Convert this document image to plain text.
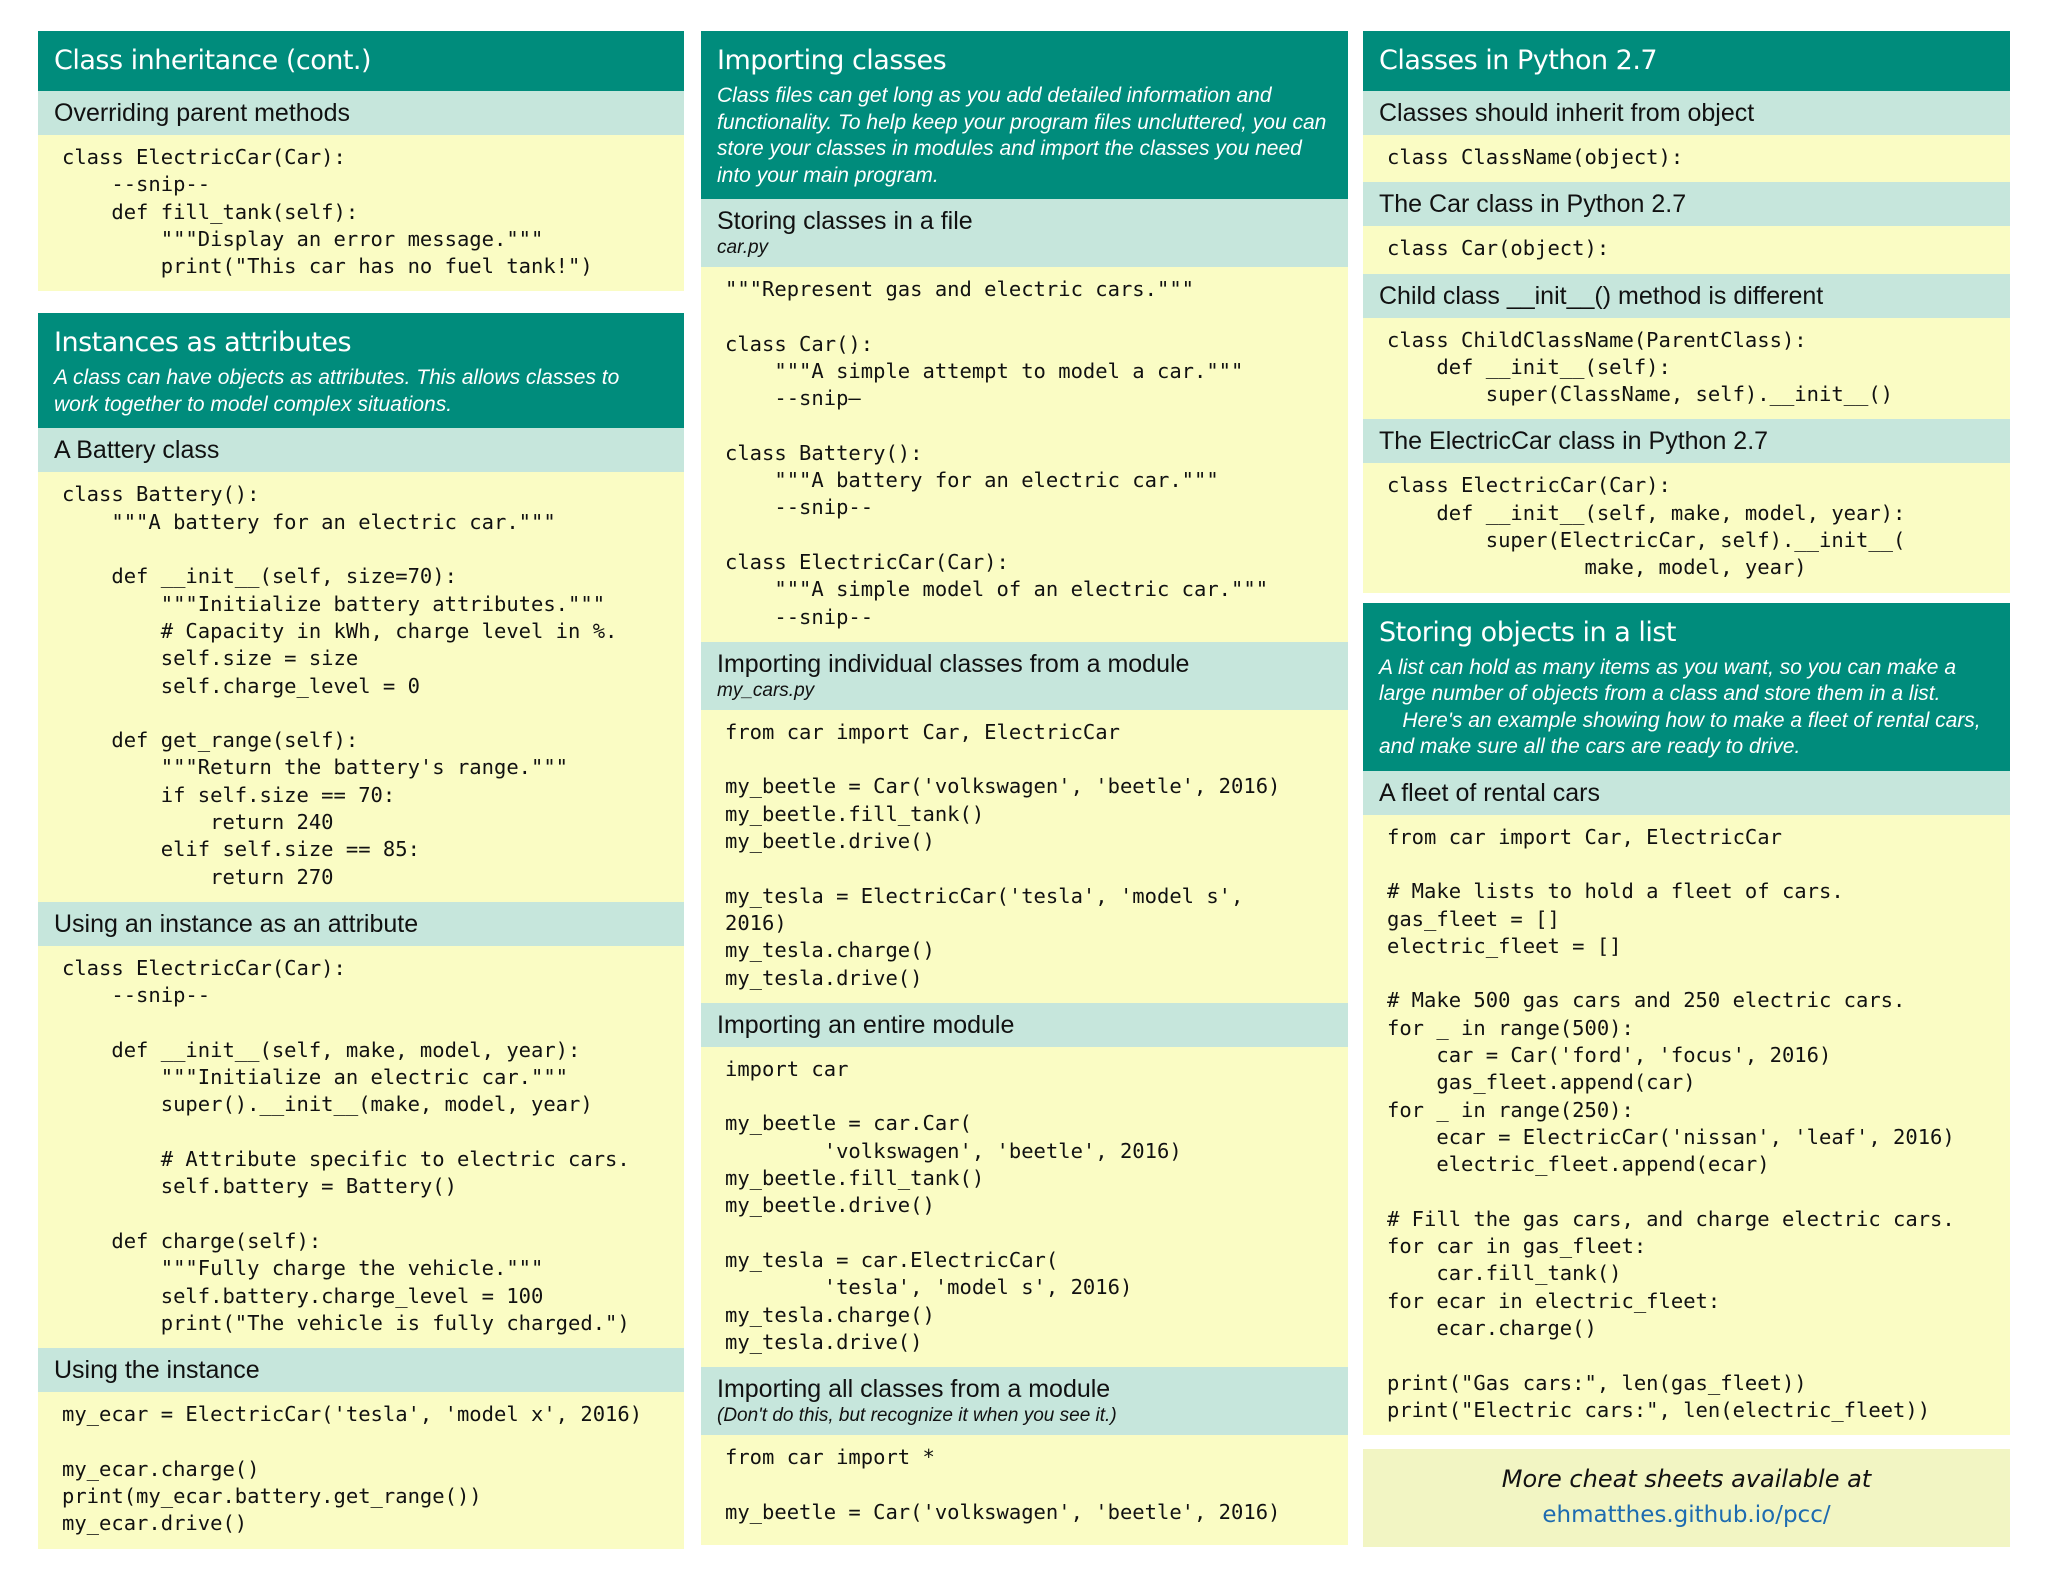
Class inheritance (cont.)
Overriding parent methods
class ElectricCar(Car):
--snip--
def fill_tank(self):
"""Display an error message."""
print("This car has no fuel tank!")
Instances as attributes
A class can have objects as attributes. This allows classes to work together to model complex situations.
A Battery class
class Battery():
"""A battery for an electric car."""

def __init__(self, size=70):
"""Initialize battery attributes."""
# Capacity in kWh, charge level in %.
self.size = size
self.charge_level = 0

def get_range(self):
"""Return the battery's range."""
if self.size == 70:
return 240
elif self.size == 85:
return 270
Using an instance as an attribute
class ElectricCar(Car):
--snip--

def __init__(self, make, model, year):
"""Initialize an electric car."""
super().__init__(make, model, year)

# Attribute specific to electric cars.
self.battery = Battery()

def charge(self):
"""Fully charge the vehicle."""
self.battery.charge_level = 100
print("The vehicle is fully charged.")
Using the instance
my_ecar = ElectricCar('tesla', 'model x', 2016)

my_ecar.charge()
print(my_ecar.battery.get_range())
my_ecar.drive()
Importing classes
Class files can get long as you add detailed information and functionality. To help keep your program files uncluttered, you can store your classes in modules and import the classes you need into your main program.
Storing classes in a file
car.py
"""Represent gas and electric cars."""

class Car():
"""A simple attempt to model a car."""
--snip—

class Battery():
"""A battery for an electric car."""
--snip--

class ElectricCar(Car):
"""A simple model of an electric car."""
--snip--
Importing individual classes from a module
my_cars.py
from car import Car, ElectricCar

my_beetle = Car('volkswagen', 'beetle', 2016)
my_beetle.fill_tank()
my_beetle.drive()

my_tesla = ElectricCar('tesla', 'model s',
2016)
my_tesla.charge()
my_tesla.drive()
Importing an entire module
import car

my_beetle = car.Car(
'volkswagen', 'beetle', 2016)
my_beetle.fill_tank()
my_beetle.drive()

my_tesla = car.ElectricCar(
'tesla', 'model s', 2016)
my_tesla.charge()
my_tesla.drive()
Importing all classes from a module
(Don't do this, but recognize it when you see it.)
from car import *

my_beetle = Car('volkswagen', 'beetle', 2016)
Classes in Python 2.7
Classes should inherit from object
class ClassName(object):
The Car class in Python 2.7
class Car(object):
Child class __init__() method is different
class ChildClassName(ParentClass):
def __init__(self):
super(ClassName, self).__init__()
The ElectricCar class in Python 2.7
class ElectricCar(Car):
def __init__(self, make, model, year):
super(ElectricCar, self).__init__(
make, model, year)
Storing objects in a list
A list can hold as many items as you want, so you can make a large number of objects from a class and store them in a list.
Here's an example showing how to make a fleet of rental cars, and make sure all the cars are ready to drive.
A fleet of rental cars
from car import Car, ElectricCar

# Make lists to hold a fleet of cars.
gas_fleet = []
electric_fleet = []

# Make 500 gas cars and 250 electric cars.
for _ in range(500):
car = Car('ford', 'focus', 2016)
gas_fleet.append(car)
for _ in range(250):
ecar = ElectricCar('nissan', 'leaf', 2016)
electric_fleet.append(ecar)

# Fill the gas cars, and charge electric cars.
for car in gas_fleet:
car.fill_tank()
for ecar in electric_fleet:
ecar.charge()

print("Gas cars:", len(gas_fleet))
print("Electric cars:", len(electric_fleet))
More cheat sheets available at
ehmatthes.github.io/pcc/
